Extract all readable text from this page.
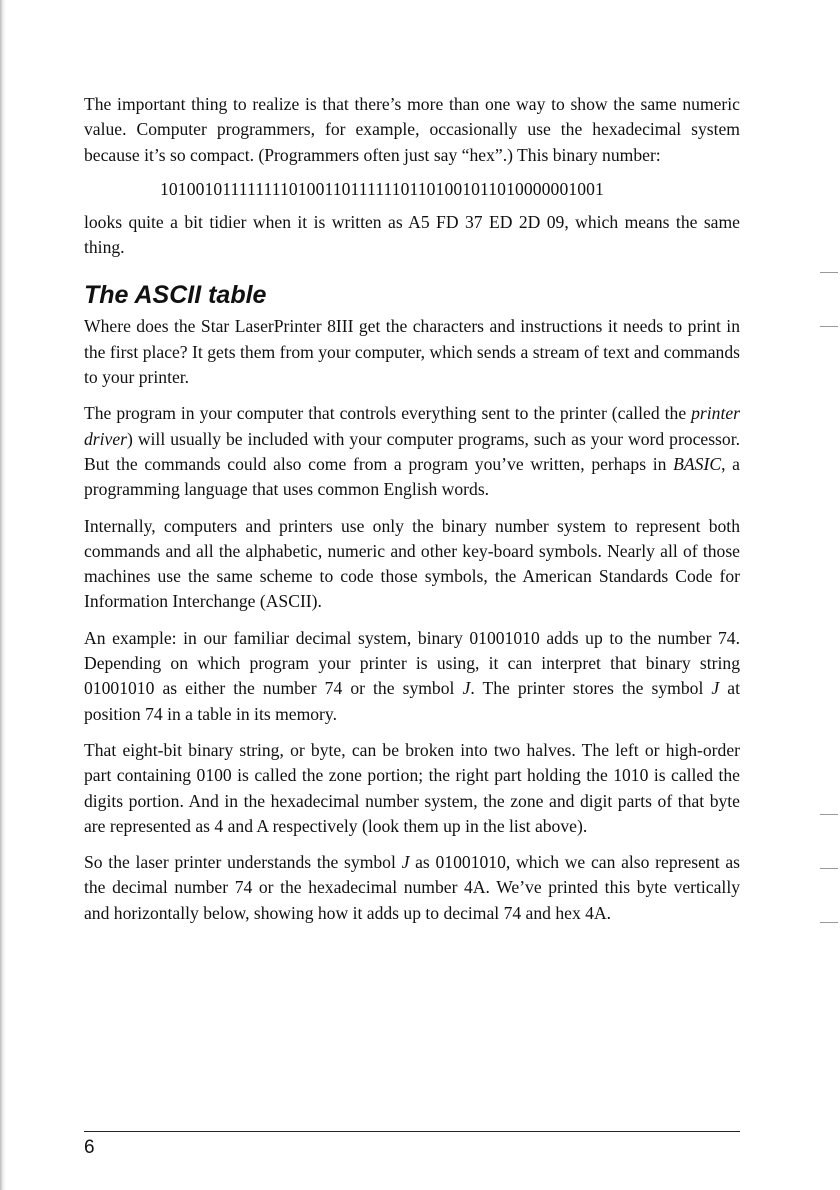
The important thing to realize is that there’s more than one way to show the same numeric value. Computer programmers, for example, occasionally use the hexadecimal system because it’s so compact. (Programmers often just say “hex”.) This binary number:

101001011111111010011011111101101001011010000001001

looks quite a bit tidier when it is written as A5 FD 37 ED 2D 09, which means the same thing.

The ASCII table

Where does the Star LaserPrinter 8III get the characters and instructions it needs to print in the first place? It gets them from your computer, which sends a stream of text and commands to your printer.

The program in your computer that controls everything sent to the printer (called the printer driver) will usually be included with your computer programs, such as your word processor. But the commands could also come from a program you’ve written, perhaps in BASIC, a programming language that uses common English words.

Internally, computers and printers use only the binary number system to represent both commands and all the alphabetic, numeric and other key-board symbols. Nearly all of those machines use the same scheme to code those symbols, the American Standards Code for Information Interchange (ASCII).

An example: in our familiar decimal system, binary 01001010 adds up to the number 74. Depending on which program your printer is using, it can interpret that binary string 01001010 as either the number 74 or the symbol J. The printer stores the symbol J at position 74 in a table in its memory.

That eight-bit binary string, or byte, can be broken into two halves. The left or high-order part containing 0100 is called the zone portion; the right part holding the 1010 is called the digits portion. And in the hexadecimal number system, the zone and digit parts of that byte are represented as 4 and A respectively (look them up in the list above).

So the laser printer understands the symbol J as 01001010, which we can also represent as the decimal number 74 or the hexadecimal number 4A. We’ve printed this byte vertically and horizontally below, showing how it adds up to decimal 74 and hex 4A.

6
